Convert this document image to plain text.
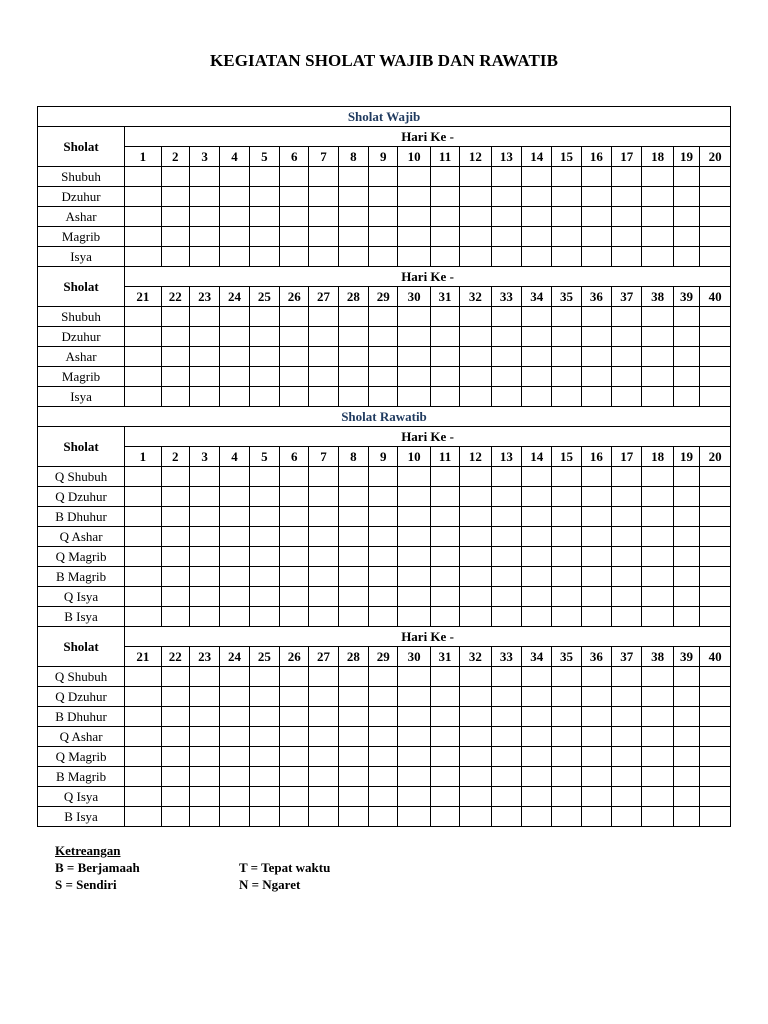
KEGIATAN SHOLAT WAJIB DAN RAWATIB
Sholat Wajib																				
Sholat	Hari Ke -																			
	1	2	3	4	5	6	7	8	9	10	11	12	13	14	15	16	17	18	19	20
Shubuh																				
Dzuhur																				
Ashar																				
Magrib																				
Isya																				
Sholat	Hari Ke -																			
	21	22	23	24	25	26	27	28	29	30	31	32	33	34	35	36	37	38	39	40
Shubuh																				
Dzuhur																				
Ashar																				
Magrib																				
Isya																				
Sholat Rawatib																				
Sholat	Hari Ke -																			
	1	2	3	4	5	6	7	8	9	10	11	12	13	14	15	16	17	18	19	20
Q Shubuh																				
Q Dzuhur																				
B Dhuhur																				
Q Ashar																				
Q Magrib																				
B Magrib																				
Q Isya																				
B Isya																				
Sholat	Hari Ke -																			
	21	22	23	24	25	26	27	28	29	30	31	32	33	34	35	36	37	38	39	40
Q Shubuh																				
Q Dzuhur																				
B Dhuhur																				
Q Ashar																				
Q Magrib																				
B Magrib																				
Q Isya																				
B Isya																				
Ketreangan
B = Berjamaah	T = Tepat waktu
S = Sendiri	N = Ngaret
